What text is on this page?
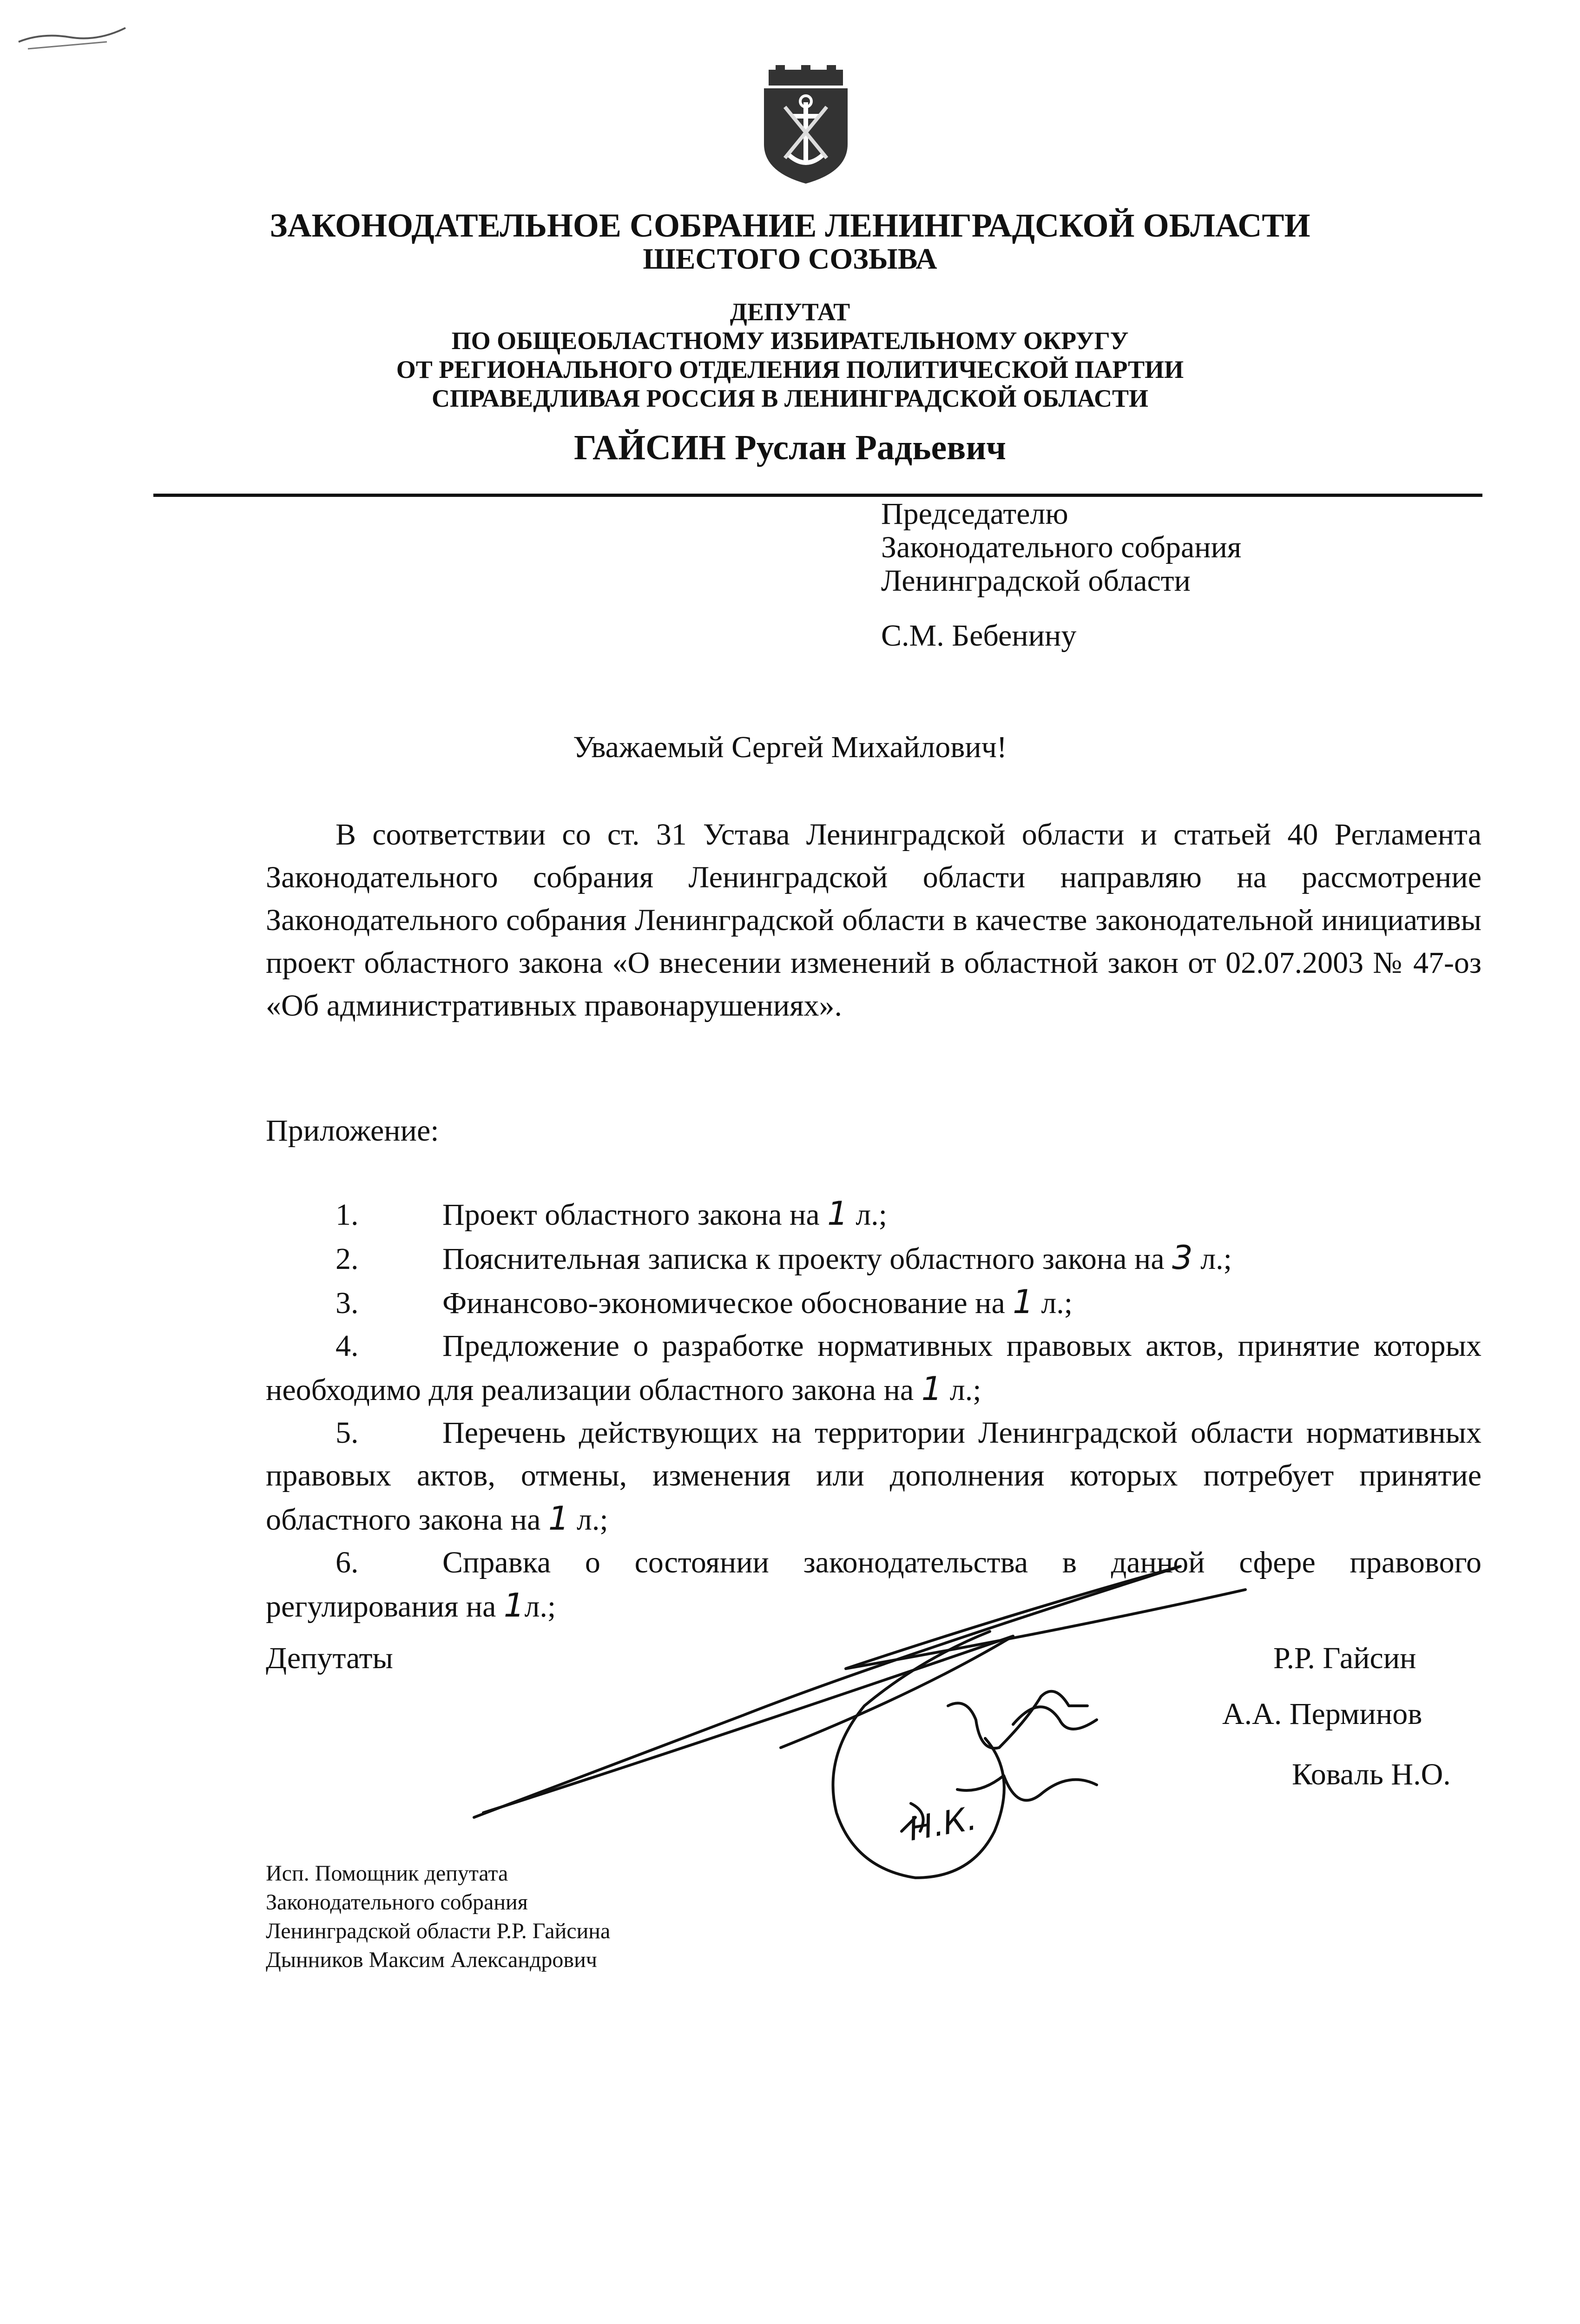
ЗАКОНОДАТЕЛЬНОЕ СОБРАНИЕ ЛЕНИНГРАДСКОЙ ОБЛАСТИ
ШЕСТОГО СОЗЫВА
ДЕПУТАТ
ПО ОБЩЕОБЛАСТНОМУ ИЗБИРАТЕЛЬНОМУ ОКРУГУ
ОТ РЕГИОНАЛЬНОГО ОТДЕЛЕНИЯ ПОЛИТИЧЕСКОЙ ПАРТИИ
СПРАВЕДЛИВАЯ РОССИЯ В ЛЕНИНГРАДСКОЙ ОБЛАСТИ
ГАЙСИН Руслан Радьевич
Председателю
Законодательного собрания
Ленинградской области
С.М. Бебенину
Уважаемый Сергей Михайлович!

В соответствии со ст. 31 Устава Ленинградской области и статьей 40 Регламента Законодательного собрания Ленинградской области направляю на рассмотрение Законодательного собрания Ленинградской области в качестве законодательной инициативы проект областного закона «О внесении изменений в областной закон от 02.07.2003 № 47-оз «Об административных правонарушениях».

Приложение:

1.	Проект областного закона на 1 л.;

2.	Пояснительная записка к проекту областного закона на 3 л.;

3.	Финансово-экономическое обоснование на 1 л.;

4.	Предложение о разработке нормативных правовых актов, принятие которых необходимо для реализации областного закона на 1 л.;

5.	Перечень действующих на территории Ленинградской области нормативных правовых актов, отмены, изменения или дополнения которых потребует принятие областного закона на 1 л.;

6.	Справка о состоянии законодательства в данной сфере правового регулирования на 1л.;

Депутаты	Р.Р. Гайсин
А.А. Перминов
Коваль Н.О.
Н.К.
Исп. Помощник депутата
Законодательного собрания
Ленинградской области Р.Р. Гайсина
Дынников Максим Александрович
